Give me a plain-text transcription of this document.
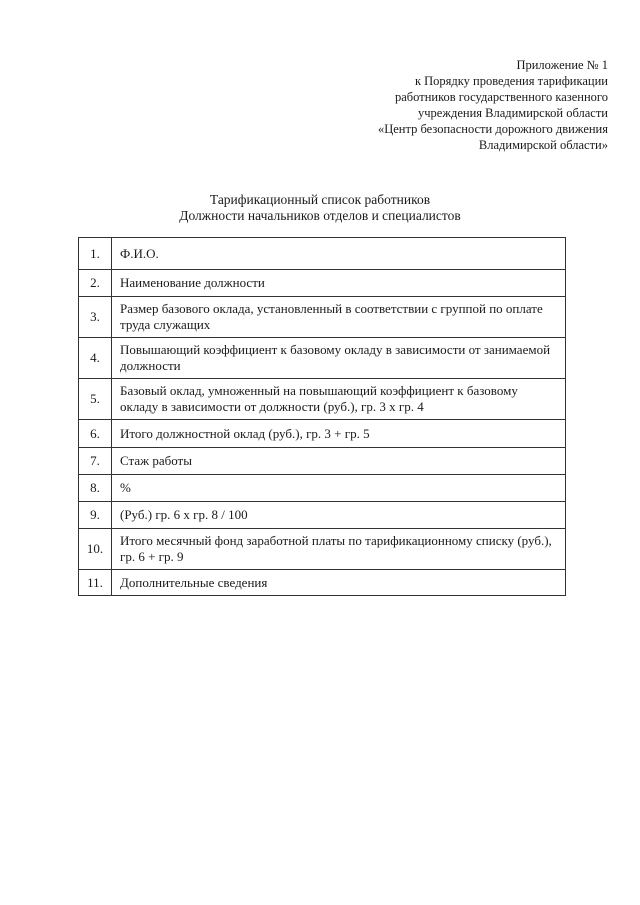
Приложение № 1
к Порядку проведения тарификации
работников государственного казенного
учреждения Владимирской области
«Центр безопасности дорожного движения
Владимирской области»
Тарификационный список работников
Должности начальников отделов и специалистов
1.	Ф.И.О.
2.	Наименование должности
3.	Размер базового оклада, установленный в соответствии с группой по оплате труда служащих
4.	Повышающий коэффициент к базовому окладу в зависимости от занимаемой должности
5.	Базовый оклад, умноженный на повышающий коэффициент к базовому окладу в зависимости от должности (руб.), гр. 3 х гр. 4
6.	Итого должностной оклад (руб.), гр. 3 + гр. 5
7.	Стаж работы
8.	%
9.	(Руб.) гр. 6 х гр. 8 / 100
10.	Итого месячный фонд заработной платы по тарификационному списку (руб.), гр. 6 + гр. 9
11.	Дополнительные сведения
